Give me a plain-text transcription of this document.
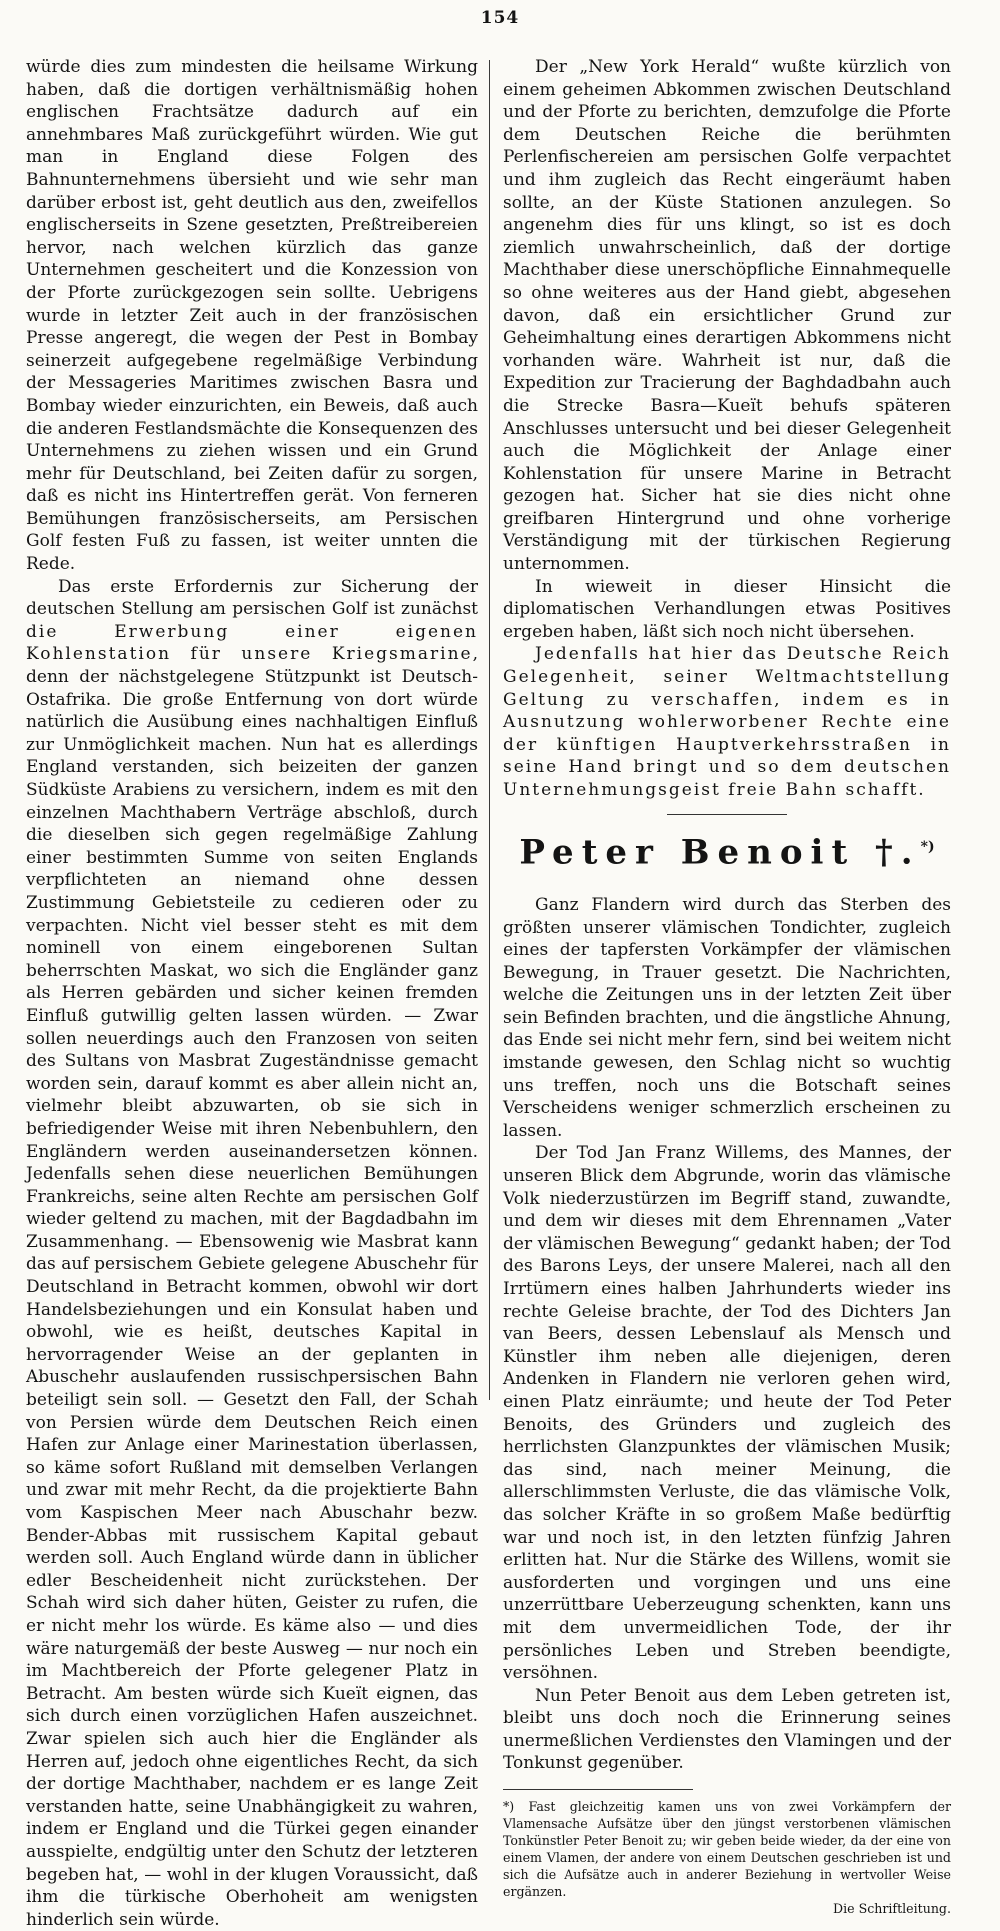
154

würde dies zum mindesten die heilsame Wirkung haben, daß die dortigen verhältnismäßig hohen englischen Frachtsätze dadurch auf ein annehmbares Maß zurückgeführt würden. Wie gut man in England diese Folgen des Bahnunternehmens übersieht und wie sehr man darüber erbost ist, geht deutlich aus den, zweifellos englischerseits in Szene gesetzten, Preßtreibereien hervor, nach welchen kürzlich das ganze Unternehmen gescheitert und die Konzession von der Pforte zurückgezogen sein sollte. Uebrigens wurde in letzter Zeit auch in der französischen Presse angeregt, die wegen der Pest in Bombay seinerzeit aufgegebene regelmäßige Verbindung der Messageries Maritimes zwischen Basra und Bombay wieder einzurichten, ein Beweis, daß auch die anderen Festlandsmächte die Konsequenzen des Unternehmens zu ziehen wissen und ein Grund mehr für Deutschland, bei Zeiten dafür zu sorgen, daß es nicht ins Hintertreffen gerät. Von ferneren Bemühungen französischerseits, am Persischen Golf festen Fuß zu fassen, ist weiter unnten die Rede.

Das erste Erfordernis zur Sicherung der deutschen Stellung am persischen Golf ist zunächst die Erwerbung einer eigenen Kohlenstation für unsere Kriegsmarine, denn der nächstgelegene Stützpunkt ist Deutsch-Ostafrika. Die große Entfernung von dort würde natürlich die Ausübung eines nachhaltigen Einfluß zur Unmöglichkeit machen. Nun hat es allerdings England verstanden, sich beizeiten der ganzen Südküste Arabiens zu versichern, indem es mit den einzelnen Machthabern Verträge abschloß, durch die dieselben sich gegen regelmäßige Zahlung einer bestimmten Summe von seiten Englands verpflichteten an niemand ohne dessen Zustimmung Gebietsteile zu cedieren oder zu verpachten. Nicht viel besser steht es mit dem nominell von einem eingeborenen Sultan beherrschten Maskat, wo sich die Engländer ganz als Herren gebärden und sicher keinen fremden Einfluß gutwillig gelten lassen würden. — Zwar sollen neuerdings auch den Franzosen von seiten des Sultans von Masbrat Zugeständnisse gemacht worden sein, darauf kommt es aber allein nicht an, vielmehr bleibt abzuwarten, ob sie sich in befriedigender Weise mit ihren Nebenbuhlern, den Engländern werden auseinandersetzen können. Jedenfalls sehen diese neuerlichen Bemühungen Frankreichs, seine alten Rechte am persischen Golf wieder geltend zu machen, mit der Bagdadbahn im Zusammenhang. — Ebensowenig wie Masbrat kann das auf persischem Gebiete gelegene Abuschehr für Deutschland in Betracht kommen, obwohl wir dort Handelsbeziehungen und ein Konsulat haben und obwohl, wie es heißt, deutsches Kapital in hervorragender Weise an der geplanten in Abuschehr auslaufenden russischpersischen Bahn beteiligt sein soll. — Gesetzt den Fall, der Schah von Persien würde dem Deutschen Reich einen Hafen zur Anlage einer Marinestation überlassen, so käme sofort Rußland mit demselben Verlangen und zwar mit mehr Recht, da die projektierte Bahn vom Kaspischen Meer nach Abuschahr bezw. Bender-Abbas mit russischem Kapital gebaut werden soll. Auch England würde dann in üblicher edler Bescheidenheit nicht zurückstehen. Der Schah wird sich daher hüten, Geister zu rufen, die er nicht mehr los würde. Es käme also — und dies wäre naturgemäß der beste Ausweg — nur noch ein im Machtbereich der Pforte gelegener Platz in Betracht. Am besten würde sich Kueït eignen, das sich durch einen vorzüglichen Hafen auszeichnet. Zwar spielen sich auch hier die Engländer als Herren auf, jedoch ohne eigentliches Recht, da sich der dortige Machthaber, nachdem er es lange Zeit verstanden hatte, seine Unabhängigkeit zu wahren, indem er England und die Türkei gegen einander ausspielte, endgültig unter den Schutz der letzteren begeben hat, — wohl in der klugen Voraussicht, daß ihm die türkische Oberhoheit am wenigsten hinderlich sein würde.

Der „New York Herald“ wußte kürzlich von einem geheimen Abkommen zwischen Deutschland und der Pforte zu berichten, demzufolge die Pforte dem Deutschen Reiche die berühmten Perlenfischereien am persischen Golfe verpachtet und ihm zugleich das Recht eingeräumt haben sollte, an der Küste Stationen anzulegen. So angenehm dies für uns klingt, so ist es doch ziemlich unwahrscheinlich, daß der dortige Machthaber diese unerschöpfliche Einnahmequelle so ohne weiteres aus der Hand giebt, abgesehen davon, daß ein ersichtlicher Grund zur Geheimhaltung eines derartigen Abkommens nicht vorhanden wäre. Wahrheit ist nur, daß die Expedition zur Tracierung der Baghdadbahn auch die Strecke Basra—Kueït behufs späteren Anschlusses untersucht und bei dieser Gelegenheit auch die Möglichkeit der Anlage einer Kohlenstation für unsere Marine in Betracht gezogen hat. Sicher hat sie dies nicht ohne greifbaren Hintergrund und ohne vorherige Verständigung mit der türkischen Regierung unternommen.

In wieweit in dieser Hinsicht die diplomatischen Verhandlungen etwas Positives ergeben haben, läßt sich noch nicht übersehen.

Jedenfalls hat hier das Deutsche Reich Gelegenheit, seiner Weltmachtstellung Geltung zu verschaffen, indem es in Ausnutzung wohlerworbener Rechte eine der künftigen Hauptverkehrsstraßen in seine Hand bringt und so dem deutschen Unternehmungsgeist freie Bahn schafft.

Peter Benoit †.*)

Ganz Flandern wird durch das Sterben des größten unserer vlämischen Tondichter, zugleich eines der tapfersten Vorkämpfer der vlämischen Bewegung, in Trauer gesetzt. Die Nachrichten, welche die Zeitungen uns in der letzten Zeit über sein Befinden brachten, und die ängstliche Ahnung, das Ende sei nicht mehr fern, sind bei weitem nicht imstande gewesen, den Schlag nicht so wuchtig uns treffen, noch uns die Botschaft seines Verscheidens weniger schmerzlich erscheinen zu lassen.

Der Tod Jan Franz Willems, des Mannes, der unseren Blick dem Abgrunde, worin das vlämische Volk niederzustürzen im Begriff stand, zuwandte, und dem wir dieses mit dem Ehrennamen „Vater der vlämischen Bewegung“ gedankt haben; der Tod des Barons Leys, der unsere Malerei, nach all den Irrtümern eines halben Jahrhunderts wieder ins rechte Geleise brachte, der Tod des Dichters Jan van Beers, dessen Lebenslauf als Mensch und Künstler ihm neben alle diejenigen, deren Andenken in Flandern nie verloren gehen wird, einen Platz einräumte; und heute der Tod Peter Benoits, des Gründers und zugleich des herrlichsten Glanzpunktes der vlämischen Musik; das sind, nach meiner Meinung, die allerschlimmsten Verluste, die das vlämische Volk, das solcher Kräfte in so großem Maße bedürftig war und noch ist, in den letzten fünfzig Jahren erlitten hat. Nur die Stärke des Willens, womit sie ausforderten und vorgingen und uns eine unzerrüttbare Ueberzeugung schenkten, kann uns mit dem unvermeidlichen Tode, der ihr persönliches Leben und Streben beendigte, versöhnen.

Nun Peter Benoit aus dem Leben getreten ist, bleibt uns doch noch die Erinnerung seines unermeßlichen Verdienstes den Vlamingen und der Tonkunst gegenüber.

*) Fast gleichzeitig kamen uns von zwei Vorkämpfern der Vlamensache Aufsätze über den jüngst verstorbenen vlämischen Tonkünstler Peter Benoit zu; wir geben beide wieder, da der eine von einem Vlamen, der andere von einem Deutschen geschrieben ist und sich die Aufsätze auch in anderer Beziehung in wertvoller Weise ergänzen.
Die Schriftleitung.
